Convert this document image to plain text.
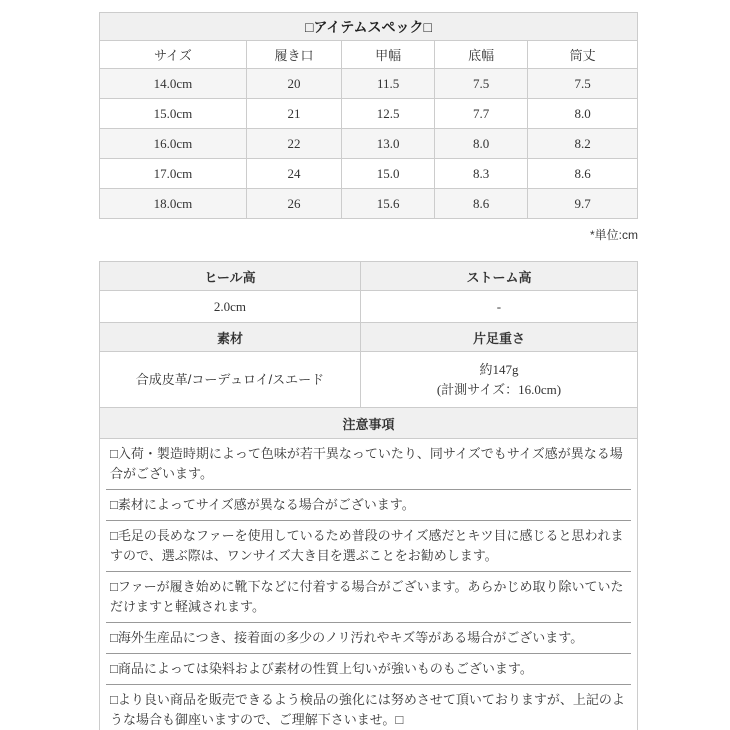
□アイテムスペック□				
サイズ	履き口	甲幅	底幅	筒丈
14.0cm	20	11.5	7.5	7.5
15.0cm	21	12.5	7.7	8.0
16.0cm	22	13.0	8.0	8.2
17.0cm	24	15.0	8.3	8.6
18.0cm	26	15.6	8.6	9.7
*単位:cm
ヒール高	ストーム高
2.0cm	-
素材	片足重さ
合成皮革/コーデュロイ/スエード	約147g
(計測サイズ：16.0cm)

注意事項	

□入荷・製造時期によって色味が若干異なっていたり、同サイズでもサイズ感が異なる場合がございます。
□素材によってサイズ感が異なる場合がございます。
□毛足の長めなファーを使用しているため普段のサイズ感だとキツ目に感じると思われますので、選ぶ際は、ワンサイズ大き目を選ぶことをお勧めします。
□ファーが履き始めに靴下などに付着する場合がございます。あらかじめ取り除いていただけますと軽減されます。
□海外生産品につき、接着面の多少のノリ汚れやキズ等がある場合がございます。
□商品によっては染料および素材の性質上匂いが強いものもございます。
□より良い商品を販売できるよう検品の強化には努めさせて頂いておりますが、上記のような場合も御座いますので、ご理解下さいませ。□
